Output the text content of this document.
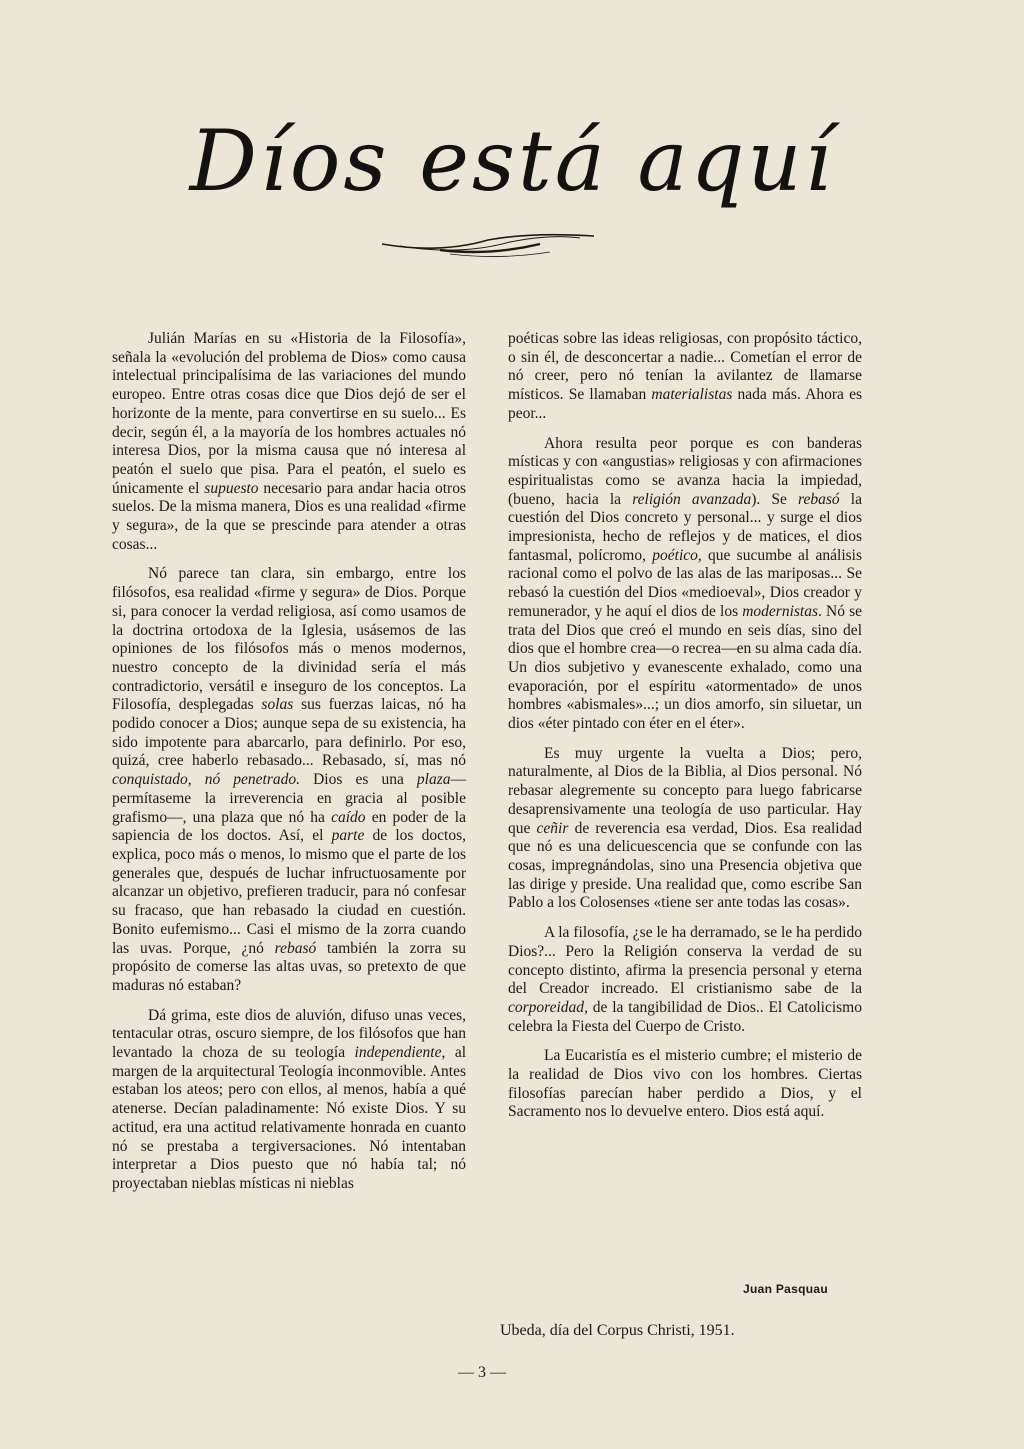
Díos está aquí

Julián Marías en su «Historia de la Filosofía», señala la «evolución del problema de Dios» como causa intelectual principalísima de las variaciones del mundo europeo. Entre otras cosas dice que Dios dejó de ser el horizonte de la mente, para convertirse en su suelo... Es decir, según él, a la mayoría de los hombres actuales nó interesa Dios, por la misma causa que nó interesa al peatón el suelo que pisa. Para el peatón, el suelo es únicamente el supuesto necesario para andar hacia otros suelos. De la misma manera, Dios es una realidad «firme y segura», de la que se prescinde para atender a otras cosas...

Nó parece tan clara, sin embargo, entre los filósofos, esa realidad «firme y segura» de Dios. Porque si, para conocer la verdad religiosa, así como usamos de la doctrina ortodoxa de la Iglesia, usásemos de las opiniones de los filósofos más o menos modernos, nuestro concepto de la divinidad sería el más contradictorio, versátil e inseguro de los conceptos. La Filosofía, desplegadas solas sus fuerzas laicas, nó ha podido conocer a Dios; aunque sepa de su existencia, ha sido impotente para abarcarlo, para definirlo. Por eso, quizá, cree haberlo rebasado... Rebasado, sí, mas nó conquistado, nó penetrado. Dios es una plaza—permítaseme la irreverencia en gracia al posible grafismo—, una plaza que nó ha caído en poder de la sapiencia de los doctos. Así, el parte de los doctos, explica, poco más o menos, lo mismo que el parte de los generales que, después de luchar infructuosamente por alcanzar un objetivo, prefieren traducir, para nó confesar su fracaso, que han rebasado la ciudad en cuestión. Bonito eufemismo... Casi el mismo de la zorra cuando las uvas. Porque, ¿nó rebasó también la zorra su propósito de comerse las altas uvas, so pretexto de que maduras nó estaban?

Dá grima, este dios de aluvión, difuso unas veces, tentacular otras, oscuro siempre, de los filósofos que han levantado la choza de su teología independiente, al margen de la arquitectural Teología inconmovible. Antes estaban los ateos; pero con ellos, al menos, había a qué atenerse. Decían paladinamente: Nó existe Dios. Y su actitud, era una actitud relativamente honrada en cuanto nó se prestaba a tergiversaciones. Nó intentaban interpretar a Dios puesto que nó había tal; nó proyectaban nieblas místicas ni nieblas

poéticas sobre las ideas religiosas, con propósito táctico, o sin él, de desconcertar a nadie... Cometían el error de nó creer, pero nó tenían la avilantez de llamarse místicos. Se llamaban materialistas nada más. Ahora es peor...

Ahora resulta peor porque es con banderas místicas y con «angustias» religiosas y con afirmaciones espiritualistas como se avanza hacia la impiedad, (bueno, hacia la religión avanzada). Se rebasó la cuestión del Dios concreto y personal... y surge el dios impresionista, hecho de reflejos y de matices, el dios fantasmal, polícromo, poético, que sucumbe al análisis racional como el polvo de las alas de las mariposas... Se rebasó la cuestión del Dios «medioeval», Dios creador y remunerador, y he aquí el dios de los modernistas. Nó se trata del Dios que creó el mundo en seis días, sino del dios que el hombre crea—o recrea—en su alma cada día. Un dios subjetivo y evanescente exhalado, como una evaporación, por el espíritu «atormentado» de unos hombres «abismales»...; un dios amorfo, sin siluetar, un dios «éter pintado con éter en el éter».

Es muy urgente la vuelta a Dios; pero, naturalmente, al Dios de la Biblia, al Dios personal. Nó rebasar alegremente su concepto para luego fabricarse desaprensivamente una teología de uso particular. Hay que ceñir de reverencia esa verdad, Dios. Esa realidad que nó es una delicuescencia que se confunde con las cosas, impregnándolas, sino una Presencia objetiva que las dirige y preside. Una realidad que, como escribe San Pablo a los Colosenses «tiene ser ante todas las cosas».

A la filosofía, ¿se le ha derramado, se le ha perdido Dios?... Pero la Religión conserva la verdad de su concepto distinto, afirma la presencia personal y eterna del Creador increado. El cristianismo sabe de la corporeidad, de la tangibilidad de Dios.. El Catolicismo celebra la Fiesta del Cuerpo de Cristo.

La Eucaristía es el misterio cumbre; el misterio de la realidad de Dios vivo con los hombres. Ciertas filosofías parecían haber perdido a Dios, y el Sacramento nos lo devuelve entero. Dios está aquí.

Juan Pasquau
Ubeda, día del Corpus Christi, 1951.
— 3 —
